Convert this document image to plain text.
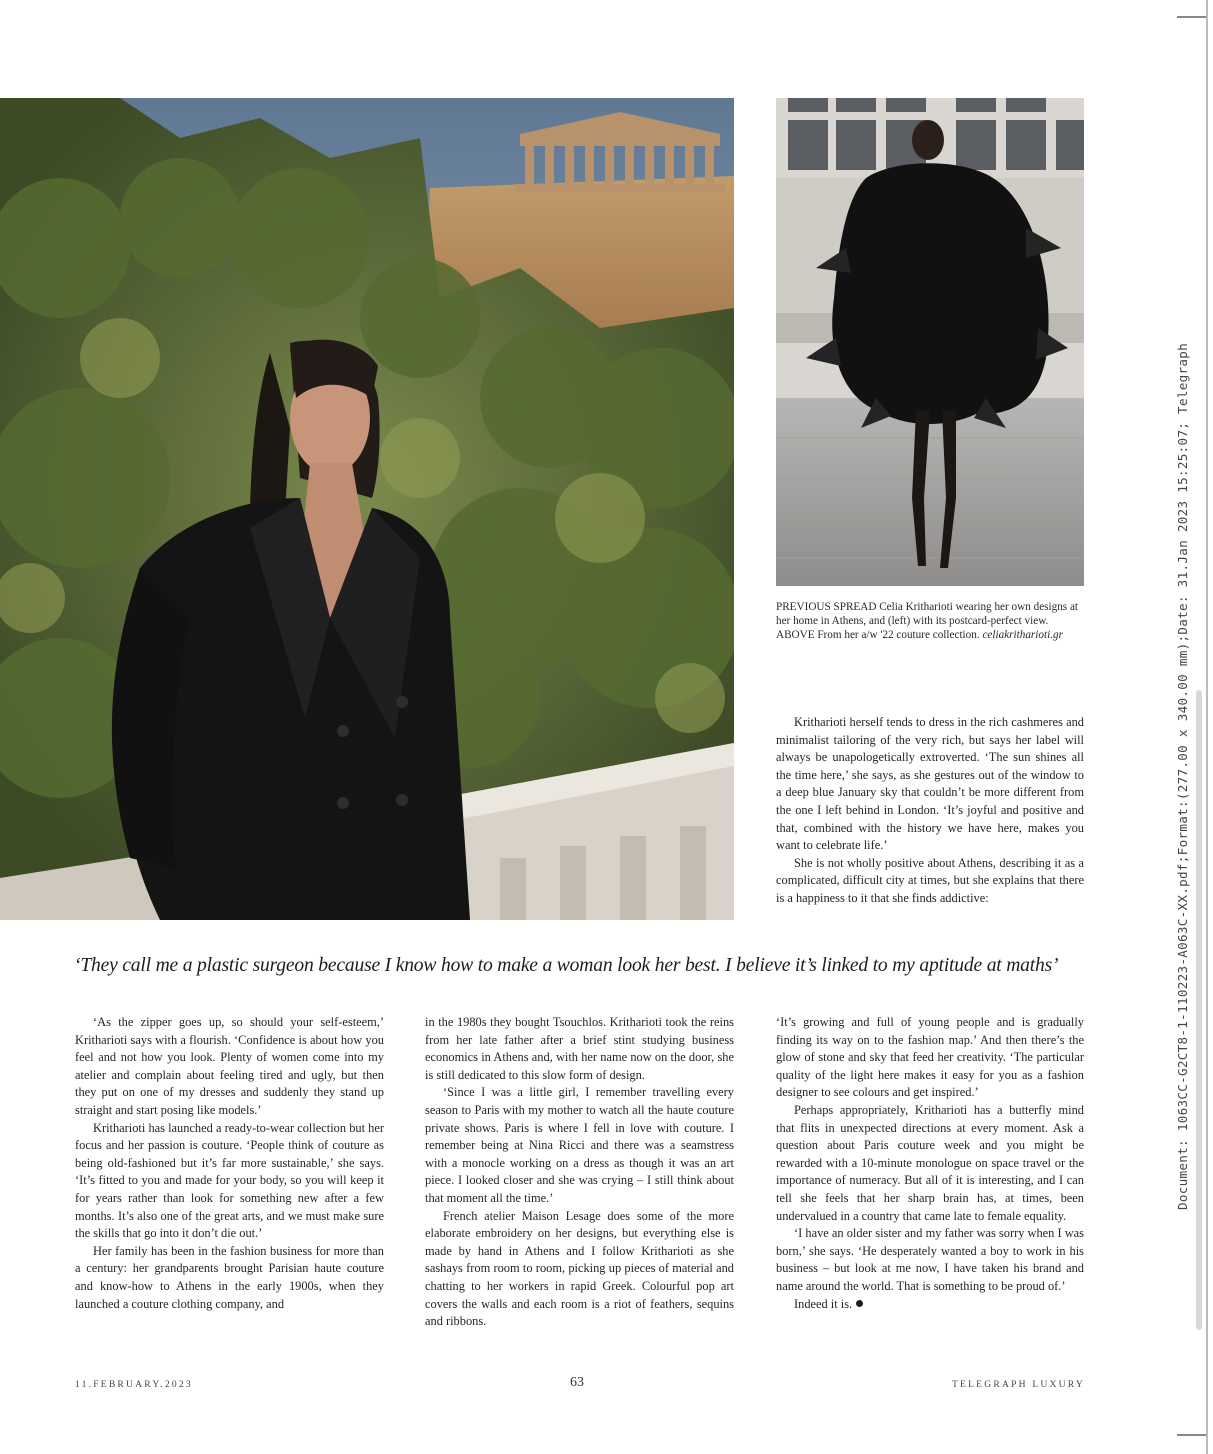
Document: 1063CC-G2CT8-1-110223-A063C-XX.pdf;Format:(277.00 x 340.00 mm);Date: 31.Jan 2023 15:25:07; Telegraph
PREVIOUS SPREAD Celia Kritharioti wearing her own designs at her home in Athens, and (left) with its postcard-perfect view. ABOVE From her a/w '22 couture collection. celiakritharioti.gr

Kritharioti herself tends to dress in the rich cashmeres and minimalist tailoring of the very rich, but says her label will always be unapologetically extroverted. ‘The sun shines all the time here,’ she says, as she gestures out of the window to a deep blue January sky that couldn’t be more different from the one I left behind in London. ‘It’s joyful and positive and that, combined with the history we have here, makes you want to celebrate life.’

She is not wholly positive about Athens, describing it as a complicated, difficult city at times, but she explains that there is a happiness to it that she finds addictive:

‘They call me a plastic surgeon because I know how to make a woman look her best. I believe it’s linked to my aptitude at maths’

‘As the zipper goes up, so should your self-esteem,’ Kritharioti says with a flourish. ‘Confidence is about how you feel and not how you look. Plenty of women come into my atelier and complain about feeling tired and ugly, but then they put on one of my dresses and suddenly they stand up straight and start posing like models.’

Kritharioti has launched a ready-to-wear collection but her focus and her passion is couture. ‘People think of couture as being old-fashioned but it’s far more sustainable,’ she says. ‘It’s fitted to you and made for your body, so you will keep it for years rather than look for something new after a few months. It’s also one of the great arts, and we must make sure the skills that go into it don’t die out.’

Her family has been in the fashion business for more than a century: her grandparents brought Parisian haute couture and know-how to Athens in the early 1900s, when they launched a couture clothing company, and

in the 1980s they bought Tsouchlos. Kritharioti took the reins from her late father after a brief stint studying business economics in Athens and, with her name now on the door, she is still dedicated to this slow form of design.

‘Since I was a little girl, I remember travelling every season to Paris with my mother to watch all the haute couture private shows. Paris is where I fell in love with couture. I remember being at Nina Ricci and there was a seamstress with a monocle working on a dress as though it was an art piece. I looked closer and she was crying – I still think about that moment all the time.’

French atelier Maison Lesage does some of the more elaborate embroidery on her designs, but everything else is made by hand in Athens and I follow Kritharioti as she sashays from room to room, picking up pieces of material and chatting to her workers in rapid Greek. Colourful pop art covers the walls and each room is a riot of feathers, sequins and ribbons.

‘It’s growing and full of young people and is gradually finding its way on to the fashion map.’ And then there’s the glow of stone and sky that feed her creativity. ‘The particular quality of the light here makes it easy for you as a fashion designer to see colours and get inspired.’

Perhaps appropriately, Kritharioti has a butterfly mind that flits in unexpected directions at every moment. Ask a question about Paris couture week and you might be rewarded with a 10-minute monologue on space travel or the importance of numeracy. But all of it is interesting, and I can tell she feels that her sharp brain has, at times, been undervalued in a country that came late to female equality.

‘I have an older sister and my father was sorry when I was born,’ she says. ‘He desperately wanted a boy to work in his business – but look at me now, I have taken his brand and name around the world. That is something to be proud of.’

Indeed it is.

11.FEBRUARY.2023	63	TELEGRAPH LUXURY
